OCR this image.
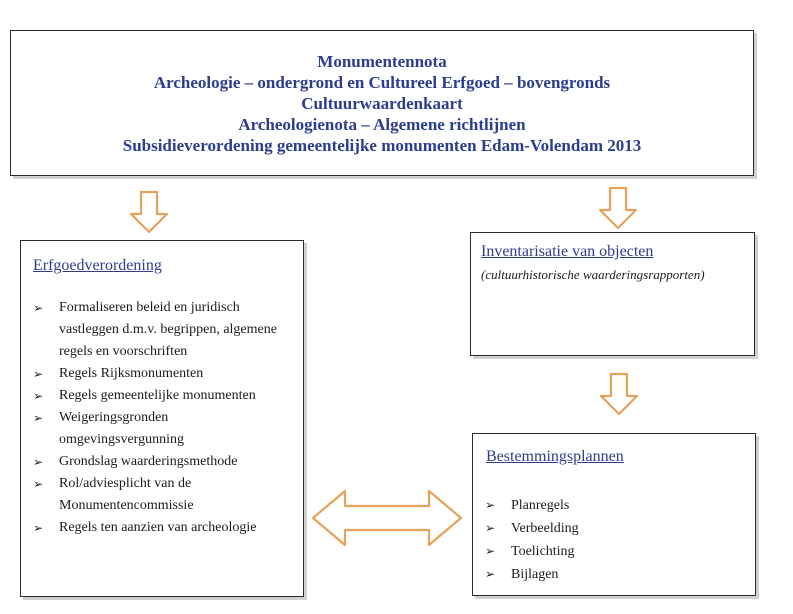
Monumentennota
Archeologie – ondergrond en Cultureel Erfgoed – bovengronds
Cultuurwaardenkaart
Archeologienota – Algemene richtlijnen
Subsidieverordening gemeentelijke monumenten Edam-Volendam 2013
Erfgoedverordening
➢ Formaliseren beleid en juridisch vastleggen d.m.v. begrippen, algemene regels en voorschriften
➢ Regels Rijksmonumenten
➢ Regels gemeentelijke monumenten
➢ Weigeringsgronden omgevingsvergunning
➢ Grondslag waarderingsmethode
➢ Rol/adviesplicht van de Monumentencommissie
➢ Regels ten aanzien van archeologie
Inventarisatie van objecten
(cultuurhistorische waarderingsrapporten)
Bestemmingsplannen
➢ Planregels
➢ Verbeelding
➢ Toelichting
➢ Bijlagen
